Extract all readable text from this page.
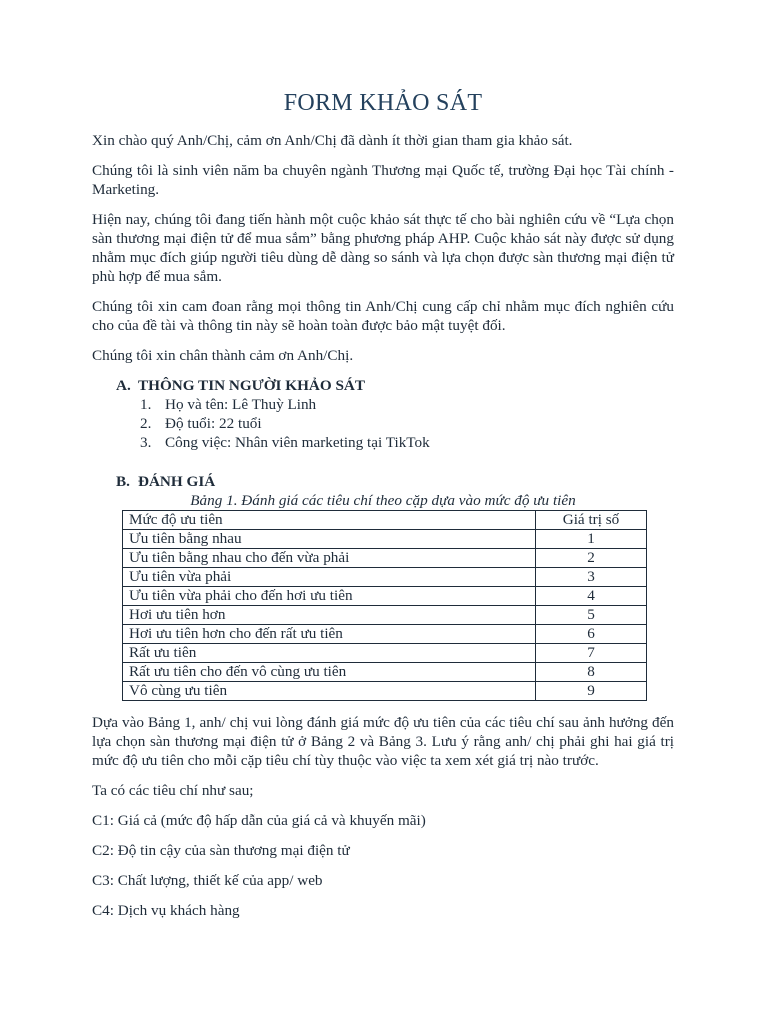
FORM KHẢO SÁT

Xin chào quý Anh/Chị, cảm ơn Anh/Chị đã dành ít thời gian tham gia khảo sát.

Chúng tôi là sinh viên năm ba chuyên ngành Thương mại Quốc tế, trường Đại học Tài chính - Marketing.

Hiện nay, chúng tôi đang tiến hành một cuộc khảo sát thực tế cho bài nghiên cứu về “Lựa chọn sàn thương mại điện tử để mua sắm” bằng phương pháp AHP. Cuộc khảo sát này được sử dụng nhằm mục đích giúp người tiêu dùng dễ dàng so sánh và lựa chọn được sàn thương mại điện tử phù hợp để mua sắm.

Chúng tôi xin cam đoan rằng mọi thông tin Anh/Chị cung cấp chỉ nhằm mục đích nghiên cứu cho của đề tài và thông tin này sẽ hoàn toàn được bảo mật tuyệt đối.

Chúng tôi xin chân thành cảm ơn Anh/Chị.

A. THÔNG TIN NGƯỜI KHẢO SÁT
1. Họ và tên: Lê Thuỳ Linh
2. Độ tuổi: 22 tuổi
3. Công việc: Nhân viên marketing tại TikTok
B. ĐÁNH GIÁ
Bảng 1. Đánh giá các tiêu chí theo cặp dựa vào mức độ ưu tiên
Mức độ ưu tiên	Giá trị số
Ưu tiên bằng nhau	1
Ưu tiên bằng nhau cho đến vừa phải	2
Ưu tiên vừa phải	3
Ưu tiên vừa phải cho đến hơi ưu tiên	4
Hơi ưu tiên hơn	5
Hơi ưu tiên hơn cho đến rất ưu tiên	6
Rất ưu tiên	7
Rất ưu tiên cho đến vô cùng ưu tiên	8
Vô cùng ưu tiên	9

Dựa vào Bảng 1, anh/ chị vui lòng đánh giá mức độ ưu tiên của các tiêu chí sau ảnh hưởng đến lựa chọn sàn thương mại điện tử ở Bảng 2 và Bảng 3. Lưu ý rằng anh/ chị phải ghi hai giá trị mức độ ưu tiên cho mỗi cặp tiêu chí tùy thuộc vào việc ta xem xét giá trị nào trước.

Ta có các tiêu chí như sau;

C1: Giá cả (mức độ hấp dẫn của giá cả và khuyến mãi)

C2: Độ tin cậy của sàn thương mại điện tử

C3: Chất lượng, thiết kế của app/ web

C4: Dịch vụ khách hàng
